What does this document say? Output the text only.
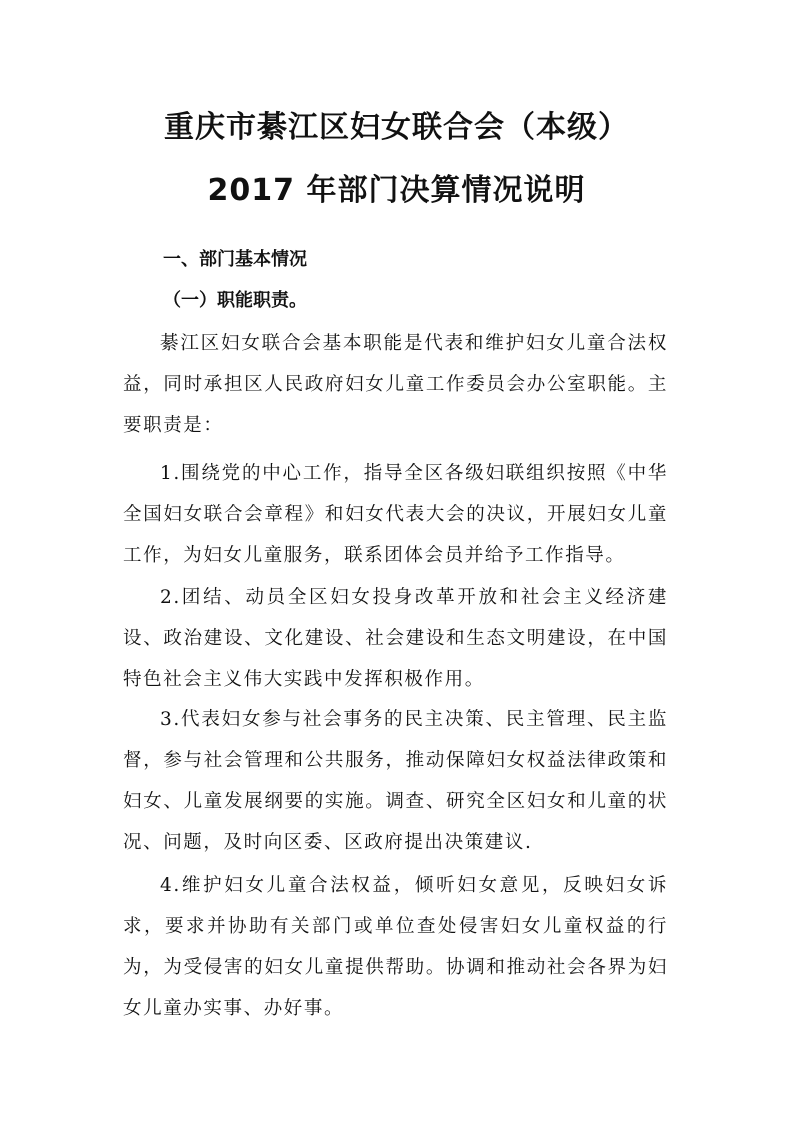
重庆市綦江区妇女联合会（本级）
2017 年部门决算情况说明
一、部门基本情况
（一）职能职责。
綦江区妇女联合会基本职能是代表和维护妇女儿童合法权益，同时承担区人民政府妇女儿童工作委员会办公室职能。主要职责是：
1.围绕党的中心工作，指导全区各级妇联组织按照《中华全国妇女联合会章程》和妇女代表大会的决议，开展妇女儿童工作，为妇女儿童服务，联系团体会员并给予工作指导。
2.团结、动员全区妇女投身改革开放和社会主义经济建设、政治建设、文化建设、社会建设和生态文明建设，在中国特色社会主义伟大实践中发挥积极作用。
3.代表妇女参与社会事务的民主决策、民主管理、民主监督，参与社会管理和公共服务，推动保障妇女权益法律政策和妇女、儿童发展纲要的实施。调查、研究全区妇女和儿童的状况、问题，及时向区委、区政府提出决策建议.
4.维护妇女儿童合法权益，倾听妇女意见，反映妇女诉求，要求并协助有关部门或单位查处侵害妇女儿童权益的行为，为受侵害的妇女儿童提供帮助。协调和推动社会各界为妇女儿童办实事、办好事。
